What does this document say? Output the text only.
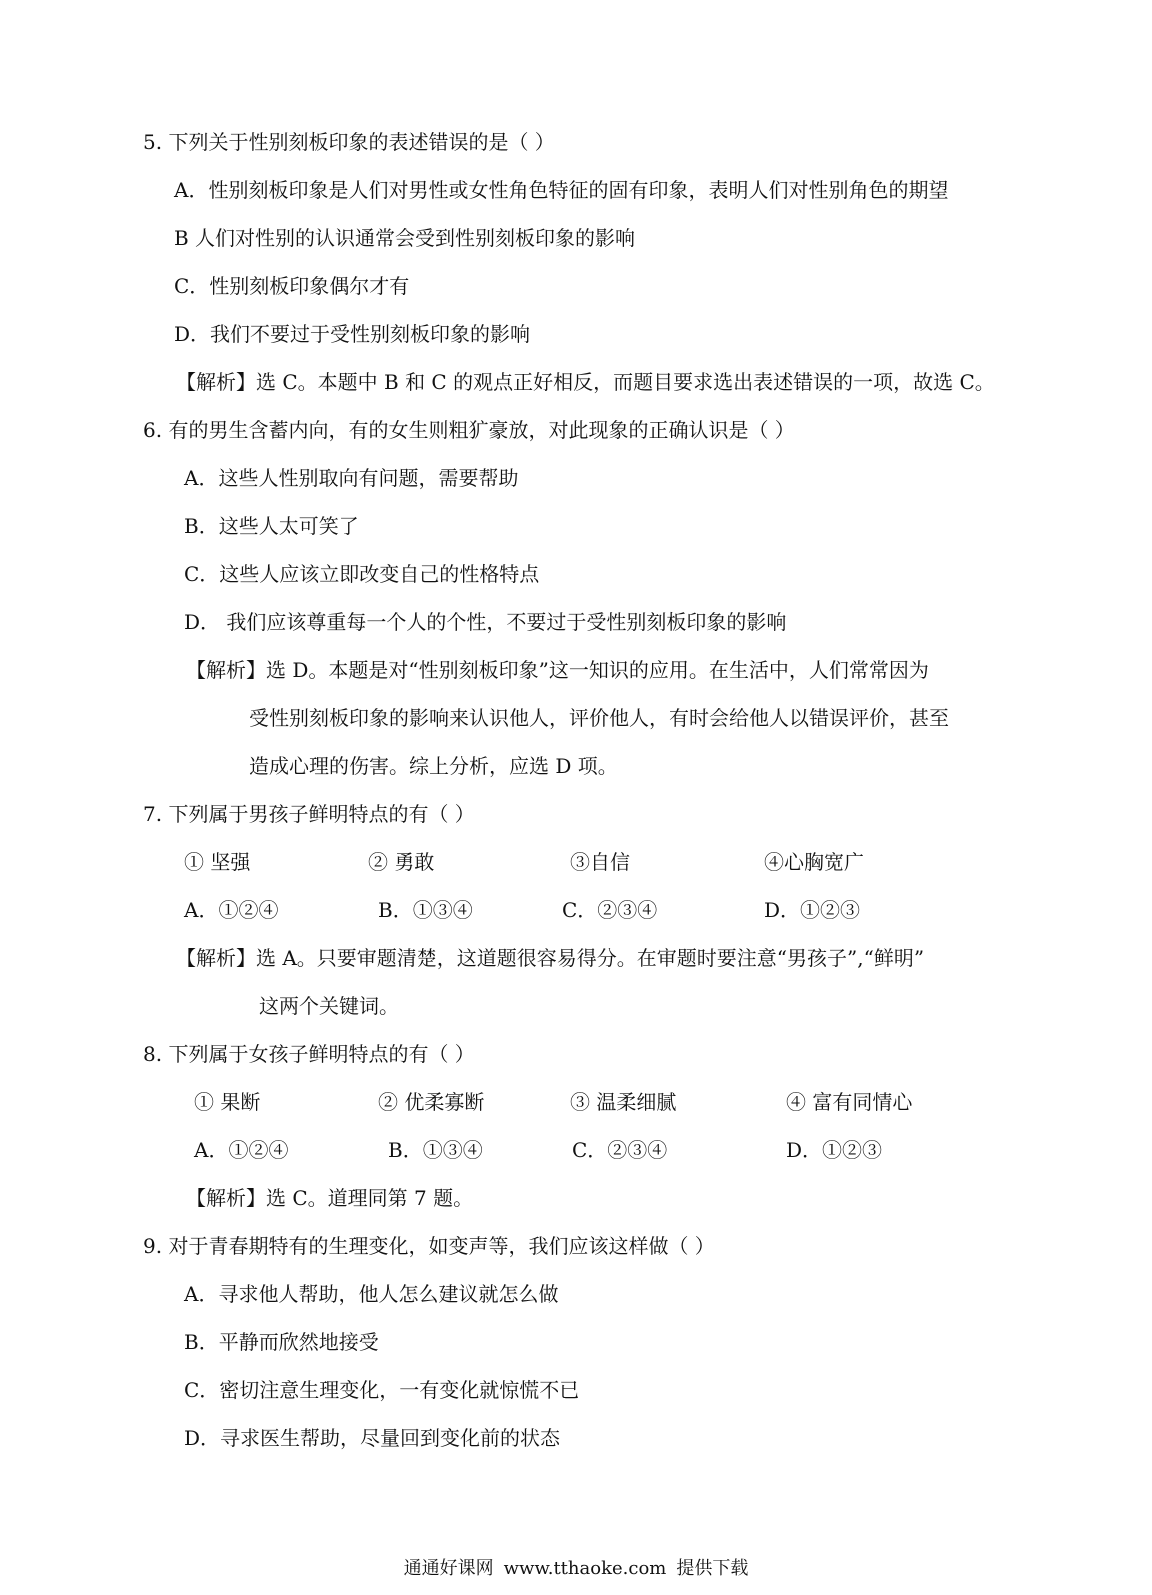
5. 下列关于性别刻板印象的表述错误的是（ ）
A．性别刻板印象是人们对男性或女性角色特征的固有印象，表明人们对性别角色的期望
B 人们对性别的认识通常会受到性别刻板印象的影响
C．性别刻板印象偶尔才有
D．我们不要过于受性别刻板印象的影响
【解析】选 C。本题中 B 和 C 的观点正好相反，而题目要求选出表述错误的一项，故选 C。
6. 有的男生含蓄内向，有的女生则粗犷豪放，对此现象的正确认识是（ ）
A．这些人性别取向有问题，需要帮助
B．这些人太可笑了
C．这些人应该立即改变自己的性格特点
D． 我们应该尊重每一个人的个性，不要过于受性别刻板印象的影响
【解析】选 D。本题是对“性别刻板印象”这一知识的应用。在生活中，人们常常因为
受性别刻板印象的影响来认识他人，评价他人，有时会给他人以错误评价，甚至
造成心理的伤害。综上分析，应选 D 项。
7. 下列属于男孩子鲜明特点的有（ ）
① 坚强	② 勇敢	③自信	④心胸宽广
A．①②④	B．①③④	C．②③④	D．①②③
【解析】选 A。只要审题清楚，这道题很容易得分。在审题时要注意“男孩子”,“鲜明”
这两个关键词。
8. 下列属于女孩子鲜明特点的有（ ）
① 果断	② 优柔寡断	③ 温柔细腻	④ 富有同情心
A．①②④	B．①③④	C．②③④	D．①②③
【解析】选 C。道理同第 7 题。
9. 对于青春期特有的生理变化，如变声等，我们应该这样做（ ）
A．寻求他人帮助，他人怎么建议就怎么做
B．平静而欣然地接受
C．密切注意生理变化，一有变化就惊慌不已
D．寻求医生帮助，尽量回到变化前的状态
通通好课网 www.tthaoke.com 提供下载
